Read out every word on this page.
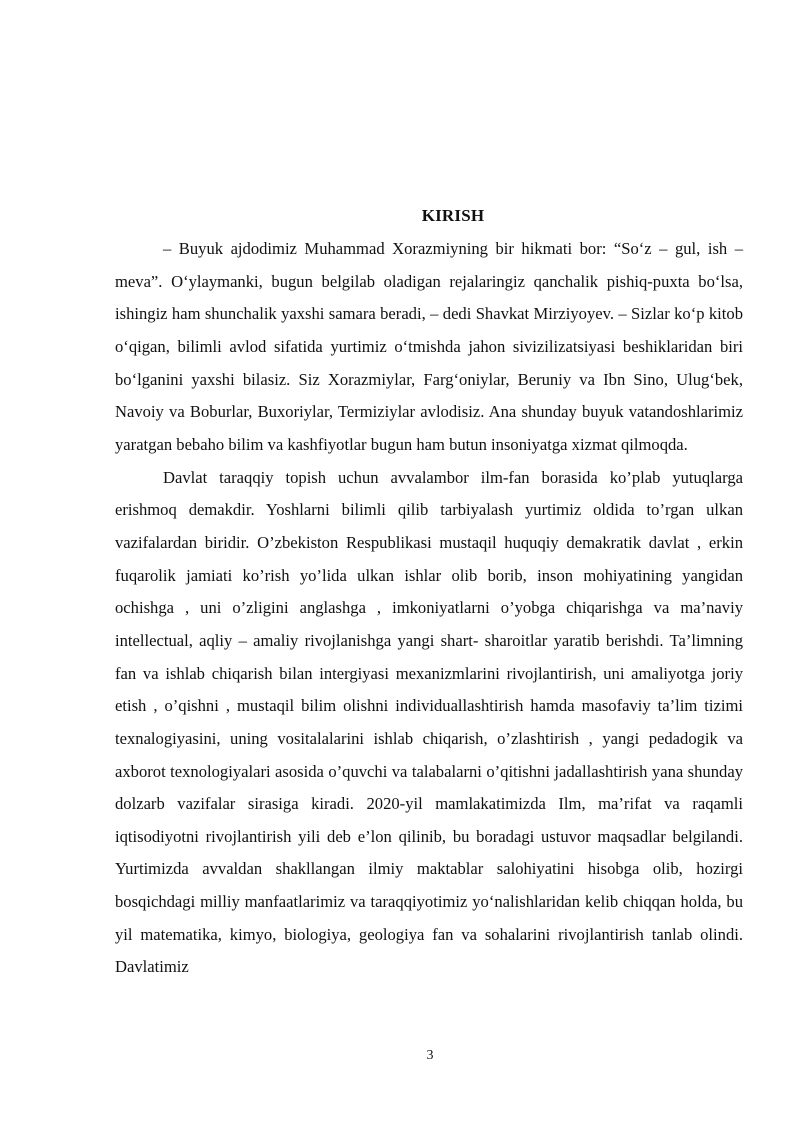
KIRISH

– Buyuk ajdodimiz Muhammad Xorazmiyning bir hikmati bor: “So‘z – gul, ish – meva”. O‘ylaymanki, bugun belgilab oladigan rejalaringiz qanchalik pishiq-puxta bo‘lsa, ishingiz ham shunchalik yaxshi samara beradi, – dedi Shavkat Mirziyoyev. – Sizlar ko‘p kitob o‘qigan, bilimli avlod sifatida yurtimiz o‘tmishda jahon sivizilizatsiyasi beshiklaridan biri bo‘lganini yaxshi bilasiz. Siz Xorazmiylar, Farg‘oniylar, Beruniy va Ibn Sino, Ulug‘bek, Navoiy va Boburlar, Buxoriylar, Termiziylar avlodisiz. Ana shunday buyuk vatandoshlarimiz yaratgan bebaho bilim va kashfiyotlar bugun ham butun insoniyatga xizmat qilmoqda.

Davlat taraqqiy topish uchun avvalambor ilm-fan borasida ko’plab yutuqlarga erishmoq demakdir. Yoshlarni bilimli qilib tarbiyalash yurtimiz oldida to’rgan ulkan vazifalardan biridir. O’zbekiston Respublikasi mustaqil huquqiy demakratik davlat , erkin fuqarolik jamiati ko’rish yo’lida ulkan ishlar olib borib, inson mohiyatining yangidan ochishga , uni o’zligini anglashga , imkoniyatlarni o’yobga chiqarishga va ma’naviy intellectual, aqliy – amaliy rivojlanishga yangi shart- sharoitlar yaratib berishdi. Ta’limning fan va ishlab chiqarish bilan intergiyasi mexanizmlarini rivojlantirish, uni amaliyotga joriy etish , o’qishni , mustaqil bilim olishni individuallashtirish hamda masofaviy ta’lim tizimi texnalogiyasini, uning vositalalarini ishlab chiqarish, o’zlashtirish , yangi pedadogik va axborot texnologiyalari asosida o’quvchi va talabalarni o’qitishni jadallashtirish yana shunday dolzarb vazifalar sirasiga kiradi. 2020-yil mamlakatimizda Ilm, ma’rifat va raqamli iqtisodiyotni rivojlantirish yili deb e’lon qilinib, bu boradagi ustuvor maqsadlar belgilandi. Yurtimizda avvaldan shakllangan ilmiy maktablar salohiyatini hisobga olib, hozirgi bosqichdagi milliy manfaatlarimiz va taraqqiyotimiz yo‘nalishlaridan kelib chiqqan holda, bu yil matematika, kimyo, biologiya, geologiya fan va sohalarini rivojlantirish tanlab olindi. Davlatimiz

3
